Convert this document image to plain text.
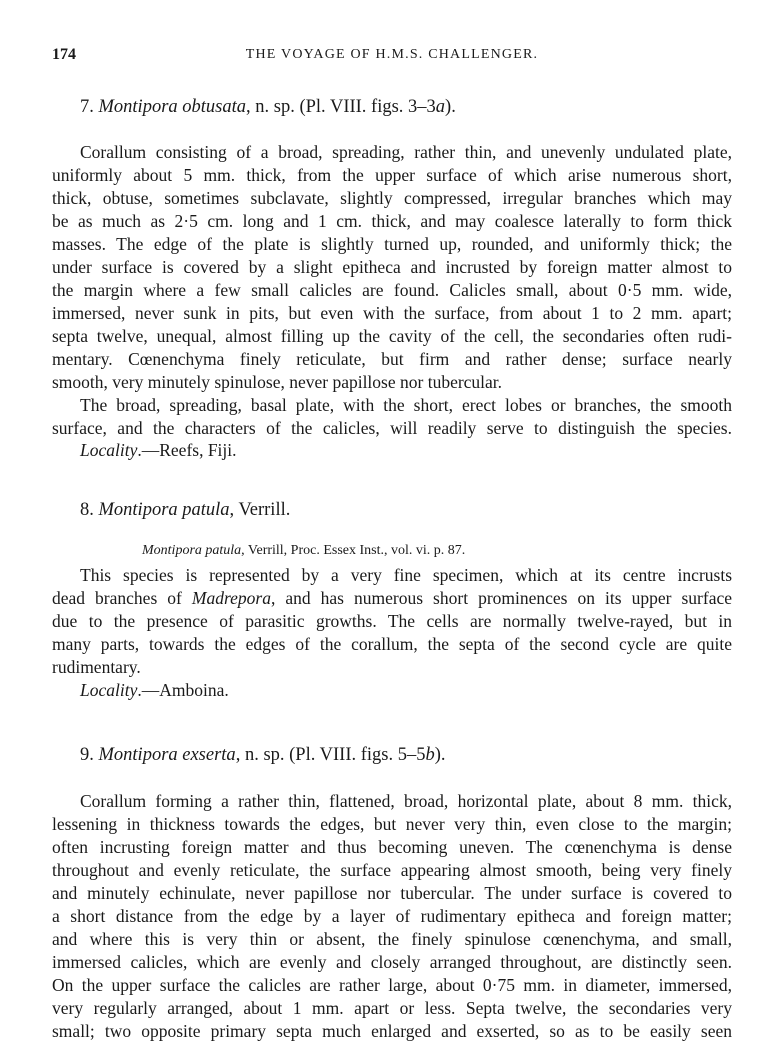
174	THE VOYAGE OF H.M.S. CHALLENGER.
7. Montipora obtusata, n. sp. (Pl. VIII. figs. 3–3a).
Corallum consisting of a broad, spreading, rather thin, and unevenly undulated plate,
uniformly about 5 mm. thick, from the upper surface of which arise numerous short,
thick, obtuse, sometimes subclavate, slightly compressed, irregular branches which may
be as much as 2·5 cm. long and 1 cm. thick, and may coalesce laterally to form thick
masses. The edge of the plate is slightly turned up, rounded, and uniformly thick; the
under surface is covered by a slight epitheca and incrusted by foreign matter almost to
the margin where a few small calicles are found. Calicles small, about 0·5 mm. wide,
immersed, never sunk in pits, but even with the surface, from about 1 to 2 mm. apart;
septa twelve, unequal, almost filling up the cavity of the cell, the secondaries often rudi-
mentary. Cœnenchyma finely reticulate, but firm and rather dense; surface nearly
smooth, very minutely spinulose, never papillose nor tubercular.
The broad, spreading, basal plate, with the short, erect lobes or branches, the smooth
surface, and the characters of the calicles, will readily serve to distinguish the species.
Locality.—Reefs, Fiji.
8. Montipora patula, Verrill.
Montipora patula, Verrill, Proc. Essex Inst., vol. vi. p. 87.
This species is represented by a very fine specimen, which at its centre incrusts
dead branches of Madrepora, and has numerous short prominences on its upper surface
due to the presence of parasitic growths. The cells are normally twelve-rayed, but in
many parts, towards the edges of the corallum, the septa of the second cycle are quite
rudimentary.
Locality.—Amboina.
9. Montipora exserta, n. sp. (Pl. VIII. figs. 5–5b).
Corallum forming a rather thin, flattened, broad, horizontal plate, about 8 mm. thick,
lessening in thickness towards the edges, but never very thin, even close to the margin;
often incrusting foreign matter and thus becoming uneven. The cœnenchyma is dense
throughout and evenly reticulate, the surface appearing almost smooth, being very finely
and minutely echinulate, never papillose nor tubercular. The under surface is covered to
a short distance from the edge by a layer of rudimentary epitheca and foreign matter;
and where this is very thin or absent, the finely spinulose cœnenchyma, and small,
immersed calicles, which are evenly and closely arranged throughout, are distinctly seen.
On the upper surface the calicles are rather large, about 0·75 mm. in diameter, immersed,
very regularly arranged, about 1 mm. apart or less. Septa twelve, the secondaries very
small; two opposite primary septa much enlarged and exserted, so as to be easily seen
